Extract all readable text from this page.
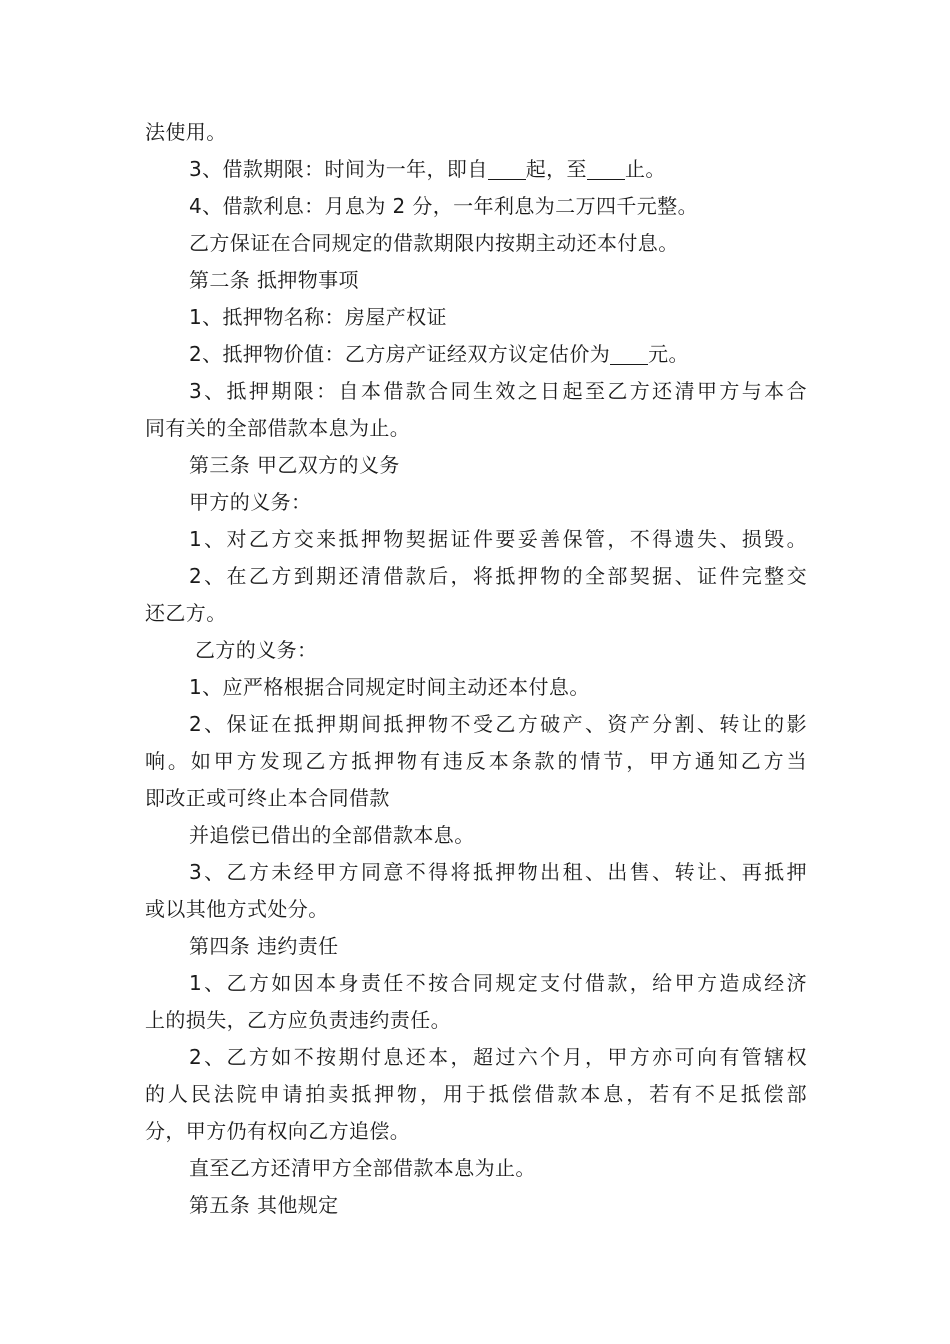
法使用。
3、借款期限：时间为一年，即自 起，至 止。
4、借款利息：月息为 2 分，一年利息为二万四千元整。
乙方保证在合同规定的借款期限内按期主动还本付息。
第二条 抵押物事项
1、抵押物名称：房屋产权证
2、抵押物价值：乙方房产证经双方议定估价为 元。
3、抵押期限：自本借款合同生效之日起至乙方还清甲方与本合
同有关的全部借款本息为止。
第三条 甲乙双方的义务
甲方的义务：
1、对乙方交来抵押物契据证件要妥善保管，不得遗失、损毁。
2、在乙方到期还清借款后，将抵押物的全部契据、证件完整交
还乙方。
乙方的义务：
1、应严格根据合同规定时间主动还本付息。
2、保证在抵押期间抵押物不受乙方破产、资产分割、转让的影
响。如甲方发现乙方抵押物有违反本条款的情节，甲方通知乙方当
即改正或可终止本合同借款
并追偿已借出的全部借款本息。
3、乙方未经甲方同意不得将抵押物出租、出售、转让、再抵押
或以其他方式处分。
第四条 违约责任
1、乙方如因本身责任不按合同规定支付借款，给甲方造成经济
上的损失，乙方应负责违约责任。
2、乙方如不按期付息还本，超过六个月，甲方亦可向有管辖权
的人民法院申请拍卖抵押物，用于抵偿借款本息，若有不足抵偿部
分，甲方仍有权向乙方追偿。
直至乙方还清甲方全部借款本息为止。
第五条 其他规定
